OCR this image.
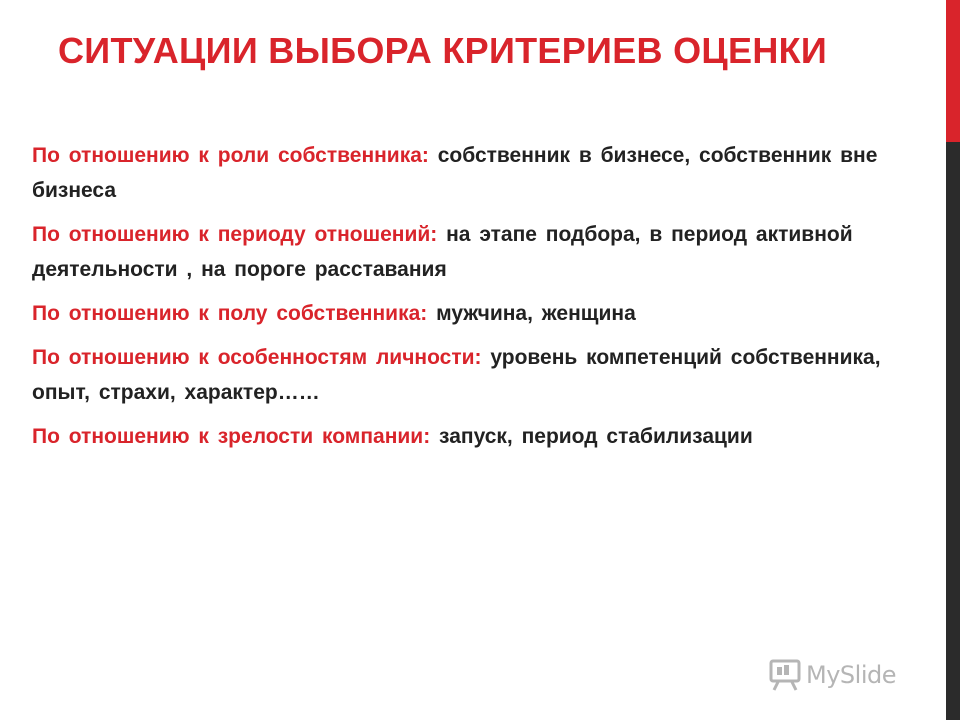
СИТУАЦИИ ВЫБОРА КРИТЕРИЕВ ОЦЕНКИ

По отношению к роли собственника: собственник в бизнесе, собственник вне бизнеса

По отношению к периоду отношений: на этапе подбора, в период активной деятельности , на пороге расставания

По отношению к полу собственника: мужчина, женщина

По отношению к особенностям личности: уровень компетенций собственника, опыт, страхи, характер……

По отношению к зрелости компании: запуск, период стабилизации

MySlide
